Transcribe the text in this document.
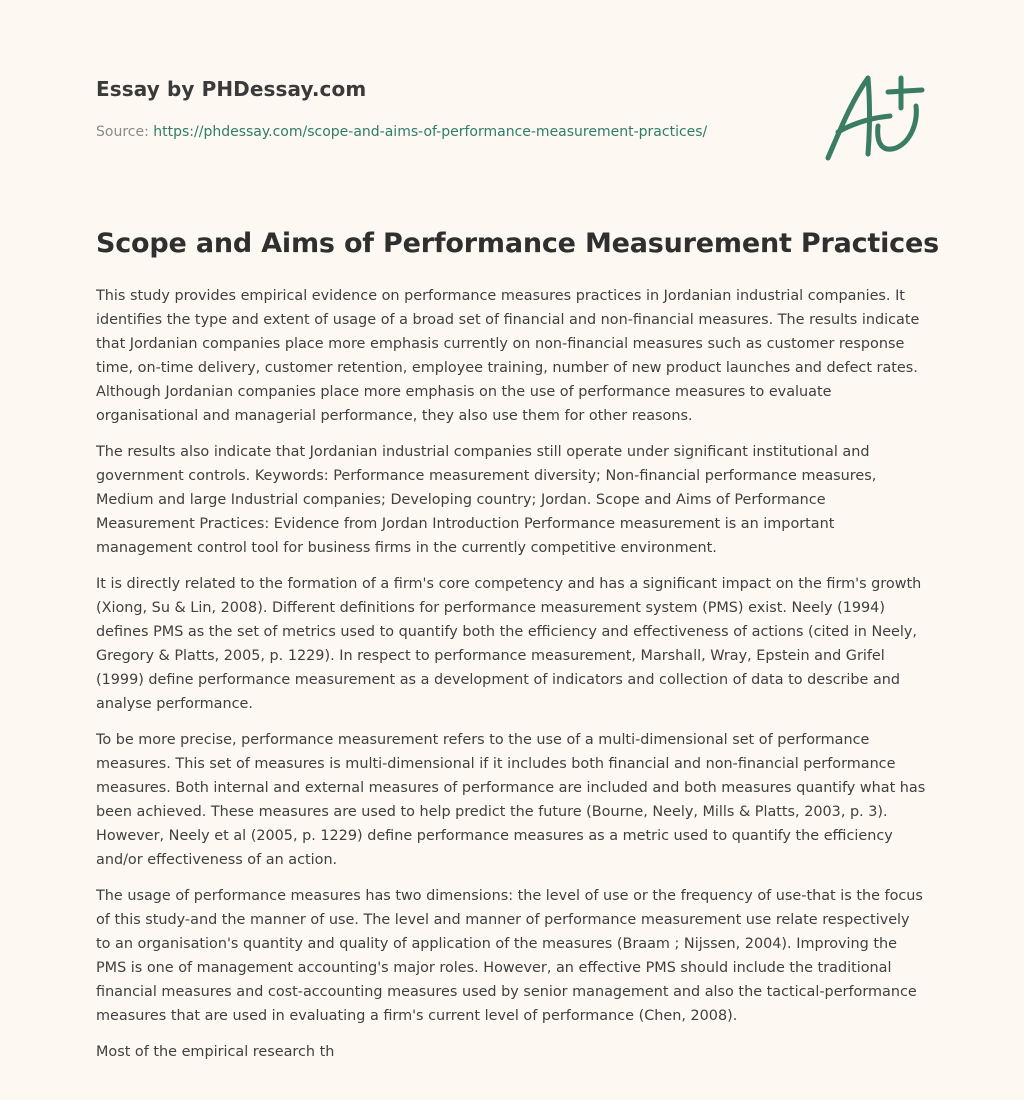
Essay by PHDessay.com
Source: https://phdessay.com/scope-and-aims-of-performance-measurement-practices/
Scope and Aims of Performance Measurement Practices

This study provides empirical evidence on performance measures practices in Jordanian industrial companies. It identifies the type and extent of usage of a broad set of financial and non-financial measures. The results indicate that Jordanian companies place more emphasis currently on non-financial measures such as customer response time, on-time delivery, customer retention, employee training, number of new product launches and defect rates. Although Jordanian companies place more emphasis on the use of performance measures to evaluate organisational and managerial performance, they also use them for other reasons.

The results also indicate that Jordanian industrial companies still operate under significant institutional and government controls. Keywords: Performance measurement diversity; Non-financial performance measures, Medium and large Industrial companies; Developing country; Jordan. Scope and Aims of Performance Measurement Practices: Evidence from Jordan Introduction Performance measurement is an important management control tool for business firms in the currently competitive environment.

It is directly related to the formation of a firm's core competency and has a significant impact on the firm's growth (Xiong, Su & Lin, 2008). Different definitions for performance measurement system (PMS) exist. Neely (1994) defines PMS as the set of metrics used to quantify both the efficiency and effectiveness of actions (cited in Neely, Gregory & Platts, 2005, p. 1229). In respect to performance measurement, Marshall, Wray, Epstein and Grifel (1999) define performance measurement as a development of indicators and collection of data to describe and analyse performance.

To be more precise, performance measurement refers to the use of a multi-dimensional set of performance measures. This set of measures is multi-dimensional if it includes both financial and non-financial performance measures. Both internal and external measures of performance are included and both measures quantify what has been achieved. These measures are used to help predict the future (Bourne, Neely, Mills & Platts, 2003, p. 3). However, Neely et al (2005, p. 1229) define performance measures as a metric used to quantify the efficiency and/or effectiveness of an action.

The usage of performance measures has two dimensions: the level of use or the frequency of use-that is the focus of this study-and the manner of use. The level and manner of performance measurement use relate respectively to an organisation's quantity and quality of application of the measures (Braam ; Nijssen, 2004). Improving the PMS is one of management accounting's major roles. However, an effective PMS should include the traditional financial measures and cost-accounting measures used by senior management and also the tactical-performance measures that are used in evaluating a firm's current level of performance (Chen, 2008).

Most of the empirical research th
